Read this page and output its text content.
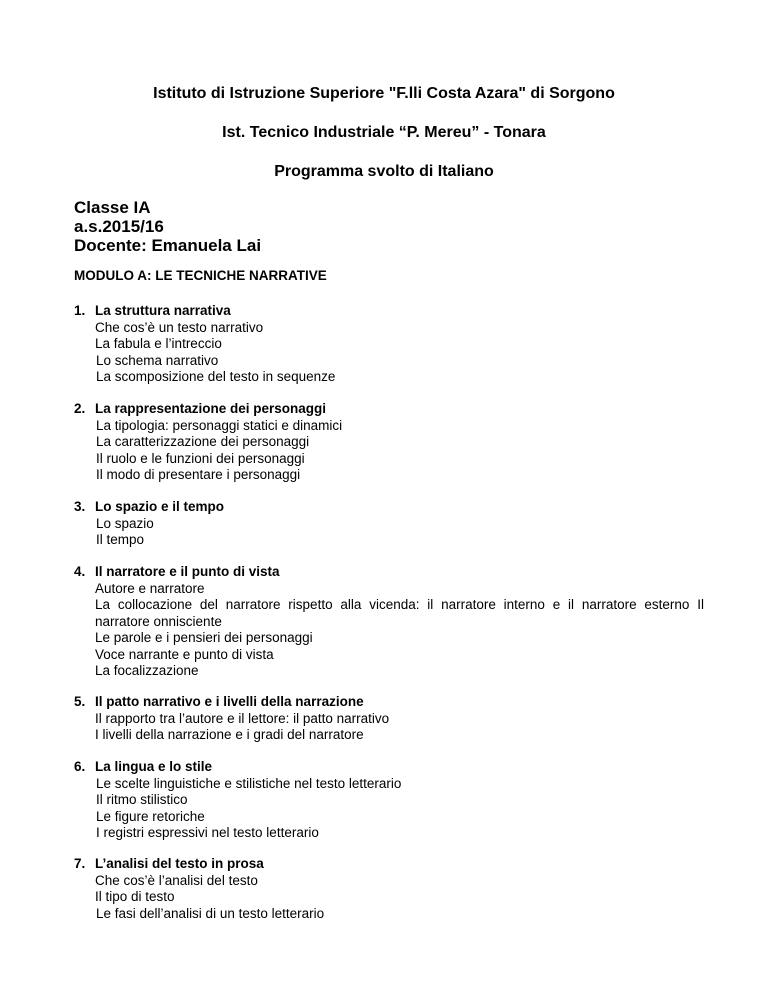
Istituto di Istruzione Superiore "F.lli Costa Azara" di Sorgono
Ist. Tecnico Industriale “P. Mereu” - Tonara
Programma svolto di Italiano
Classe IA
a.s.2015/16
Docente: Emanuela Lai
MODULO A: LE TECNICHE NARRATIVE
1. La struttura narrativa
Che cos’è un testo narrativo
La fabula e l’intreccio
Lo schema narrativo
La scomposizione del testo in sequenze
2. La rappresentazione dei personaggi
La tipologia: personaggi statici e dinamici
La caratterizzazione dei personaggi
Il ruolo e le funzioni dei personaggi
Il modo di presentare i personaggi
3. Lo spazio e il tempo
Lo spazio
Il tempo
4. Il narratore e il punto di vista
Autore e narratore
La collocazione del narratore rispetto alla vicenda: il narratore interno e il narratore esterno Il narratore onnisciente
Le parole e i pensieri dei personaggi
Voce narrante e punto di vista
La focalizzazione
5. Il patto narrativo e i livelli della narrazione
Il rapporto tra l’autore e il lettore: il patto narrativo
I livelli della narrazione e i gradi del narratore
6. La lingua e lo stile
Le scelte linguistiche e stilistiche nel testo letterario
Il ritmo stilistico
Le figure retoriche
I registri espressivi nel testo letterario
7. L’analisi del testo in prosa
Che cos’è l’analisi del testo
Il tipo di testo
Le fasi dell’analisi di un testo letterario
